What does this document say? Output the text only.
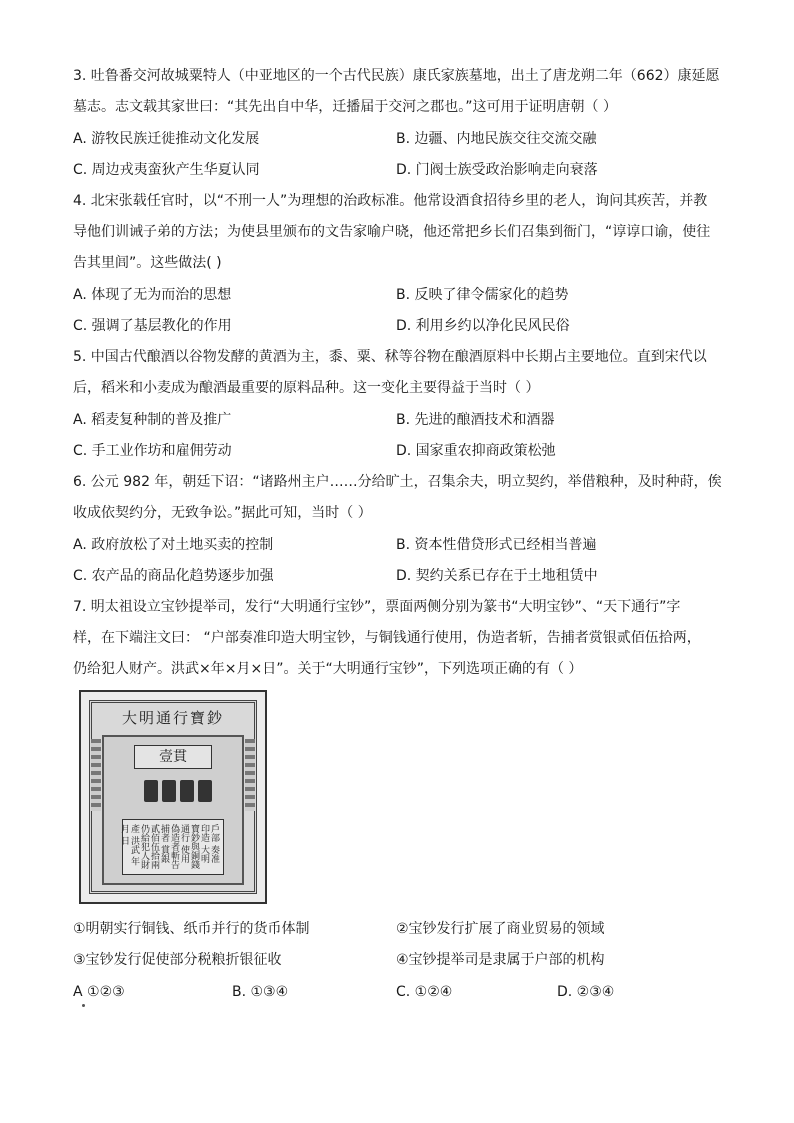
3. 吐鲁番交河故城粟特人（中亚地区的一个古代民族）康氏家族墓地，出土了唐龙朔二年（662）康延愿
墓志。志文载其家世曰：“其先出自中华，迁播届于交河之郡也。”这可用于证明唐朝（ ）
A. 游牧民族迁徙推动文化发展	B. 边疆、内地民族交往交流交融
C. 周边戎夷蛮狄产生华夏认同	D. 门阀士族受政治影响走向衰落
4. 北宋张载任官时，以“不刑一人”为理想的治政标准。他常设酒食招待乡里的老人，询问其疾苦，并教
导他们训诫子弟的方法；为使县里颁布的文告家喻户晓，他还常把乡长们召集到衙门，“谆谆口谕，使往
告其里闾”。这些做法( )
A. 体现了无为而治的思想	B. 反映了律令儒家化的趋势
C. 强调了基层教化的作用	D. 利用乡约以净化民风民俗
5. 中国古代酿酒以谷物发酵的黄酒为主，黍、粟、秫等谷物在酿酒原料中长期占主要地位。直到宋代以
后，稻米和小麦成为酿酒最重要的原料品种。这一变化主要得益于当时（ ）
A. 稻麦复种制的普及推广	B. 先进的酿酒技术和酒器
C. 手工业作坊和雇佣劳动	D. 国家重农抑商政策松弛
6. 公元 982 年，朝廷下诏：“诸路州主户……分给旷土，召集余夫，明立契约，举借粮种，及时种莳，俟
收成依契约分，无致争讼。”据此可知，当时（ ）
A. 政府放松了对土地买卖的控制	B. 资本性借贷形式已经相当普遍
C. 农产品的商品化趋势逐步加强	D. 契约关系已存在于土地租赁中
7. 明太祖设立宝钞提举司，发行“大明通行宝钞”，票面两侧分别为篆书“大明宝钞”、“天下通行”字
样，在下端注文曰： “户部奏准印造大明宝钞，与铜钱通行使用，伪造者斩，告捕者赏银贰佰伍拾两，
仍给犯人财产。洪武×年×月×日”。关于“大明通行宝钞”，下列选项正确的有（ ）
大明通行寶鈔
壹貫
戶部 奏准印造 大明寶鈔與銅錢通行 使用偽造者斬告捕者 賞銀貳佰伍拾兩仍給犯人財產 洪武 年 月 日
①明朝实行铜钱、纸币并行的货币体制	②宝钞发行扩展了商业贸易的领域
③宝钞发行促使部分税粮折银征收	④宝钞提举司是隶属于户部的机构
A ①②③	B. ①③④	C. ①②④	D. ②③④
